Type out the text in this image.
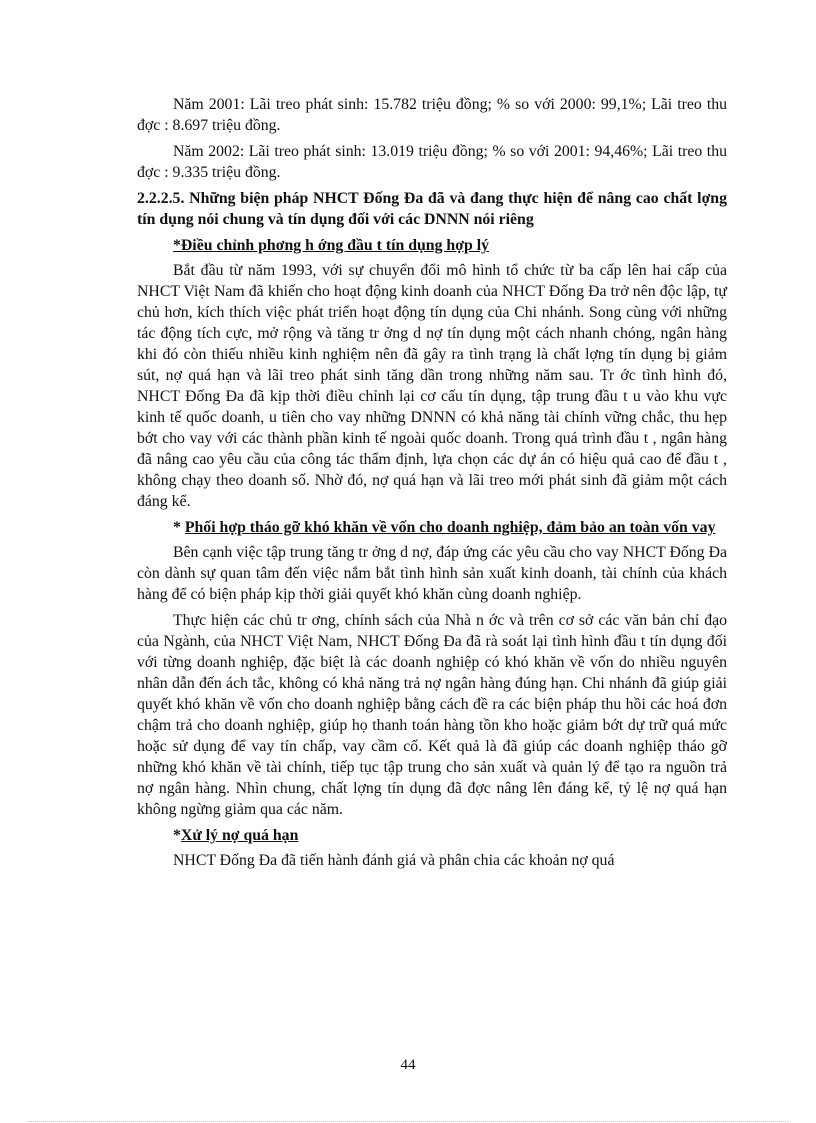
Năm 2001: Lãi treo phát sinh: 15.782 triệu đồng; % so với 2000: 99,1%; Lãi treo thu đợc : 8.697 triệu đồng.

Năm 2002: Lãi treo phát sinh: 13.019 triệu đồng; % so với 2001: 94,46%; Lãi treo thu đợc : 9.335 triệu đồng.

2.2.2.5. Những biện pháp NHCT Đống Đa đã và đang thực hiện để nâng cao chất lợng tín dụng nói chung và tín dụng đối với các DNNN nói riêng

*Điều chỉnh phơng h ớng đầu t tín dụng hợp lý

Bắt đầu từ năm 1993, với sự chuyển đổi mô hình tổ chức từ ba cấp lên hai cấp của NHCT Việt Nam đã khiến cho hoạt động kinh doanh của NHCT Đống Đa trở nên độc lập, tự chủ hơn, kích thích việc phát triển hoạt động tín dụng của Chi nhánh. Song cùng với những tác động tích cực, mở rộng và tăng tr ởng d nợ tín dụng một cách nhanh chóng, ngân hàng khi đó còn thiếu nhiều kinh nghiệm nên đã gây ra tình trạng là chất lợng tín dụng bị giảm sút, nợ quá hạn và lãi treo phát sinh tăng dần trong những năm sau. Tr ớc tình hình đó, NHCT Đống Đa đã kịp thời điều chỉnh lại cơ cấu tín dụng, tập trung đầu t u vào khu vực kinh tế quốc doanh, u tiên cho vay những DNNN có khả năng tài chính vững chắc, thu hẹp bớt cho vay với các thành phần kinh tế ngoài quốc doanh. Trong quá trình đầu t , ngân hàng đã nâng cao yêu cầu của công tác thẩm định, lựa chọn các dự án có hiệu quả cao để đầu t , không chạy theo doanh số. Nhờ đó, nợ quá hạn và lãi treo mới phát sinh đã giảm một cách đáng kể.

* Phối hợp tháo gỡ khó khăn về vốn cho doanh nghiệp, đảm bảo an toàn vốn vay

Bên cạnh việc tập trung tăng tr ởng d nợ, đáp ứng các yêu cầu cho vay NHCT Đống Đa còn dành sự quan tâm đến việc nắm bắt tình hình sản xuất kinh doanh, tài chính của khách hàng để có biện pháp kịp thời giải quyết khó khăn cùng doanh nghiệp.

Thực hiện các chủ tr ơng, chính sách của Nhà n ớc và trên cơ sở các văn bản chỉ đạo của Ngành, của NHCT Việt Nam, NHCT Đống Đa đã rà soát lại tình hình đầu t tín dụng đối với từng doanh nghiệp, đặc biệt là các doanh nghiệp có khó khăn về vốn do nhiều nguyên nhân dẫn đến ách tắc, không có khả năng trả nợ ngân hàng đúng hạn. Chi nhánh đã giúp giải quyết khó khăn về vốn cho doanh nghiệp bằng cách đề ra các biện pháp thu hồi các hoá đơn chậm trả cho doanh nghiệp, giúp họ thanh toán hàng tồn kho hoặc giảm bớt dự trữ quá mức hoặc sử dụng để vay tín chấp, vay cầm cố. Kết quả là đã giúp các doanh nghiệp tháo gỡ những khó khăn về tài chính, tiếp tục tập trung cho sản xuất và quản lý để tạo ra nguồn trả nợ ngân hàng. Nhìn chung, chất lợng tín dụng đã đợc nâng lên đáng kể, tỷ lệ nợ quá hạn không ngừng giảm qua các năm.

*Xử lý nợ quá hạn

NHCT Đống Đa đã tiến hành đánh giá và phân chia các khoản nợ quá

44
